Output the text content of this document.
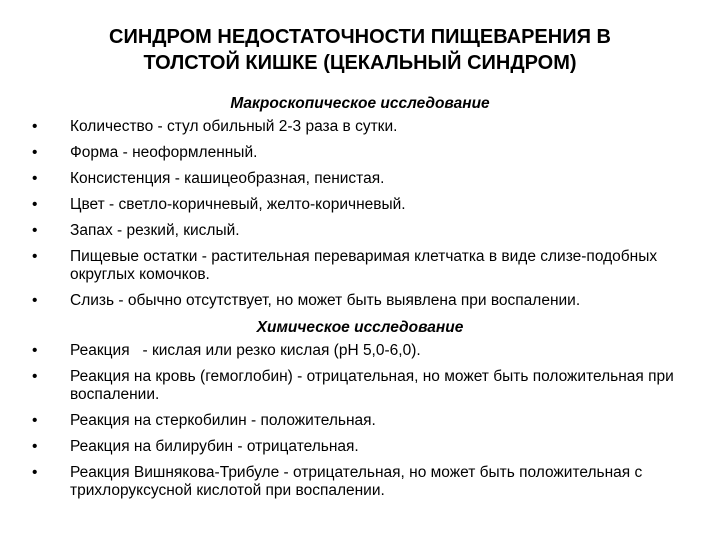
СИНДРОМ НЕДОСТАТОЧНОСТИ ПИЩЕВАРЕНИЯ В
ТОЛСТОЙ КИШКЕ (ЦЕКАЛЬНЫЙ СИНДРОМ)
Макроскопическое исследование
•	Количество - стул обильный 2-3 раза в сутки.
•	Форма - неоформленный.
•	Консистенция - кашицеобразная, пенистая.
•	Цвет - светло-коричневый, желто-коричневый.
•	Запах - резкий, кислый.
•	Пищевые остатки - растительная переваримая клетчатка в виде слизе-подобных округлых комочков.
•	Слизь - обычно отсутствует, но может быть выявлена при воспалении.
Химическое исследование
•	Реакция   - кислая или резко кислая (pH 5,0-6,0).
•	Реакция на кровь (гемоглобин) - отрицательная, но может быть положительная при воспалении.
•	Реакция на стеркобилин - положительная.
•	Реакция на билирубин - отрицательная.
•	Реакция Вишнякова-Трибуле - отрицательная, но может быть положительная с трихлоруксусной кислотой при воспалении.
